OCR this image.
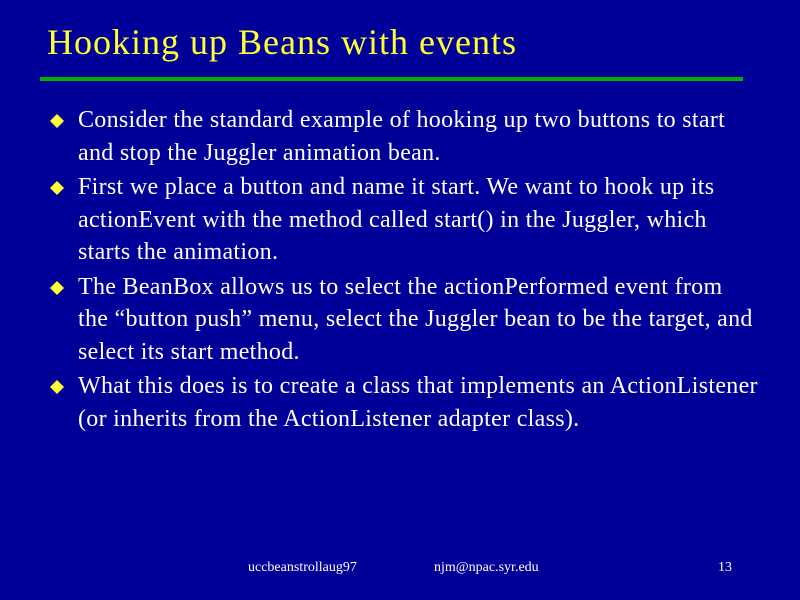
Hooking up Beans with events
Consider the standard example of hooking up two buttons to start and stop the Juggler animation bean.
First we place a button and name it start. We want to hook up its actionEvent with the method called start() in the Juggler, which starts the animation.
The BeanBox allows us to select the actionPerformed event from the “button push” menu, select the Juggler bean to be the target, and select its start method.
What this does is to create a class that implements an ActionListener (or inherits from the ActionListener adapter class).
uccbeanstrollaug97	njm@npac.syr.edu	13
